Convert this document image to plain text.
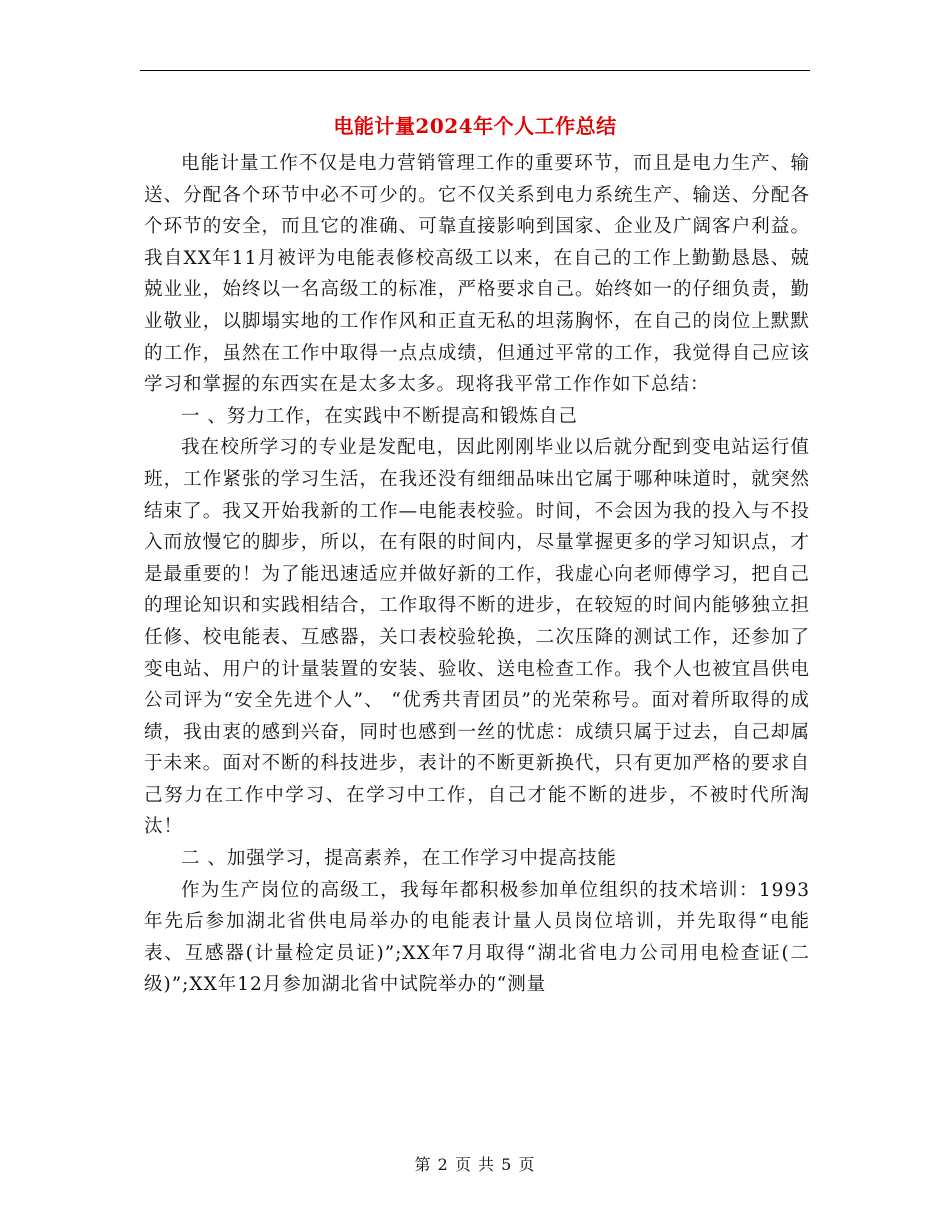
电能计量2024年个人工作总结

电能计量工作不仅是电力营销管理工作的重要环节，而且是电力生产、输送、分配各个环节中必不可少的。它不仅关系到电力系统生产、输送、分配各个环节的安全，而且它的准确、可靠直接影响到国家、企业及广阔客户利益。我自XX年11月被评为电能表修校高级工以来，在自己的工作上勤勤恳恳、兢兢业业，始终以一名高级工的标准，严格要求自己。始终如一的仔细负责，勤业敬业，以脚塌实地的工作作风和正直无私的坦荡胸怀，在自己的岗位上默默的工作，虽然在工作中取得一点点成绩，但通过平常的工作，我觉得自己应该学习和掌握的东西实在是太多太多。现将我平常工作作如下总结：

一 、努力工作，在实践中不断提高和锻炼自己

我在校所学习的专业是发配电，因此刚刚毕业以后就分配到变电站运行值班，工作紧张的学习生活，在我还没有细细品味出它属于哪种味道时，就突然结束了。我又开始我新的工作—电能表校验。时间，不会因为我的投入与不投入而放慢它的脚步，所以，在有限的时间内，尽量掌握更多的学习知识点，才是最重要的！为了能迅速适应并做好新的工作，我虚心向老师傅学习，把自己的理论知识和实践相结合，工作取得不断的进步，在较短的时间内能够独立担任修、校电能表、互感器，关口表校验轮换，二次压降的测试工作，还参加了变电站、用户的计量装置的安装、验收、送电检查工作。我个人也被宜昌供电公司评为“安全先进个人”、 “优秀共青团员”的光荣称号。面对着所取得的成绩，我由衷的感到兴奋，同时也感到一丝的忧虑：成绩只属于过去，自己却属于未来。面对不断的科技进步，表计的不断更新换代，只有更加严格的要求自己努力在工作中学习、在学习中工作，自己才能不断的进步，不被时代所淘汰！

二 、加强学习，提高素养，在工作学习中提高技能

作为生产岗位的高级工，我每年都积极参加单位组织的技术培训：1993年先后参加湖北省供电局举办的电能表计量人员岗位培训，并先取得“电能表、互感器(计量检定员证)”;XX年7月取得“湖北省电力公司用电检查证(二级)”;XX年12月参加湖北省中试院举办的“测量

第 2 页 共 5 页
